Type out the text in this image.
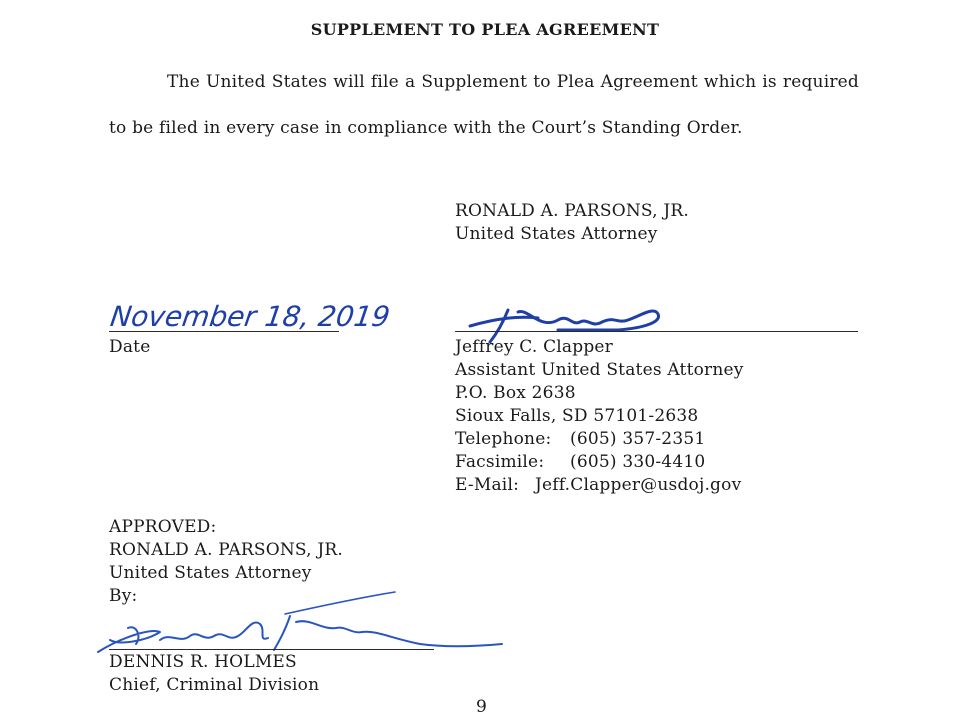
SUPPLEMENT TO PLEA AGREEMENT
The United States will file a Supplement to Plea Agreement which is required to be filed in every case in compliance with the Court’s Standing Order.
RONALD A. PARSONS, JR.
United States Attorney
November 18, 2019
Date	Jeffrey C. Clapper
Assistant United States Attorney
P.O. Box 2638
Sioux Falls, SD 57101-2638
Telephone: (605) 357-2351
Facsimile: (605) 330-4410
E-Mail: Jeff.Clapper@usdoj.gov
APPROVED:
RONALD A. PARSONS, JR.
United States Attorney
By:
DENNIS R. HOLMES
Chief, Criminal Division
9
